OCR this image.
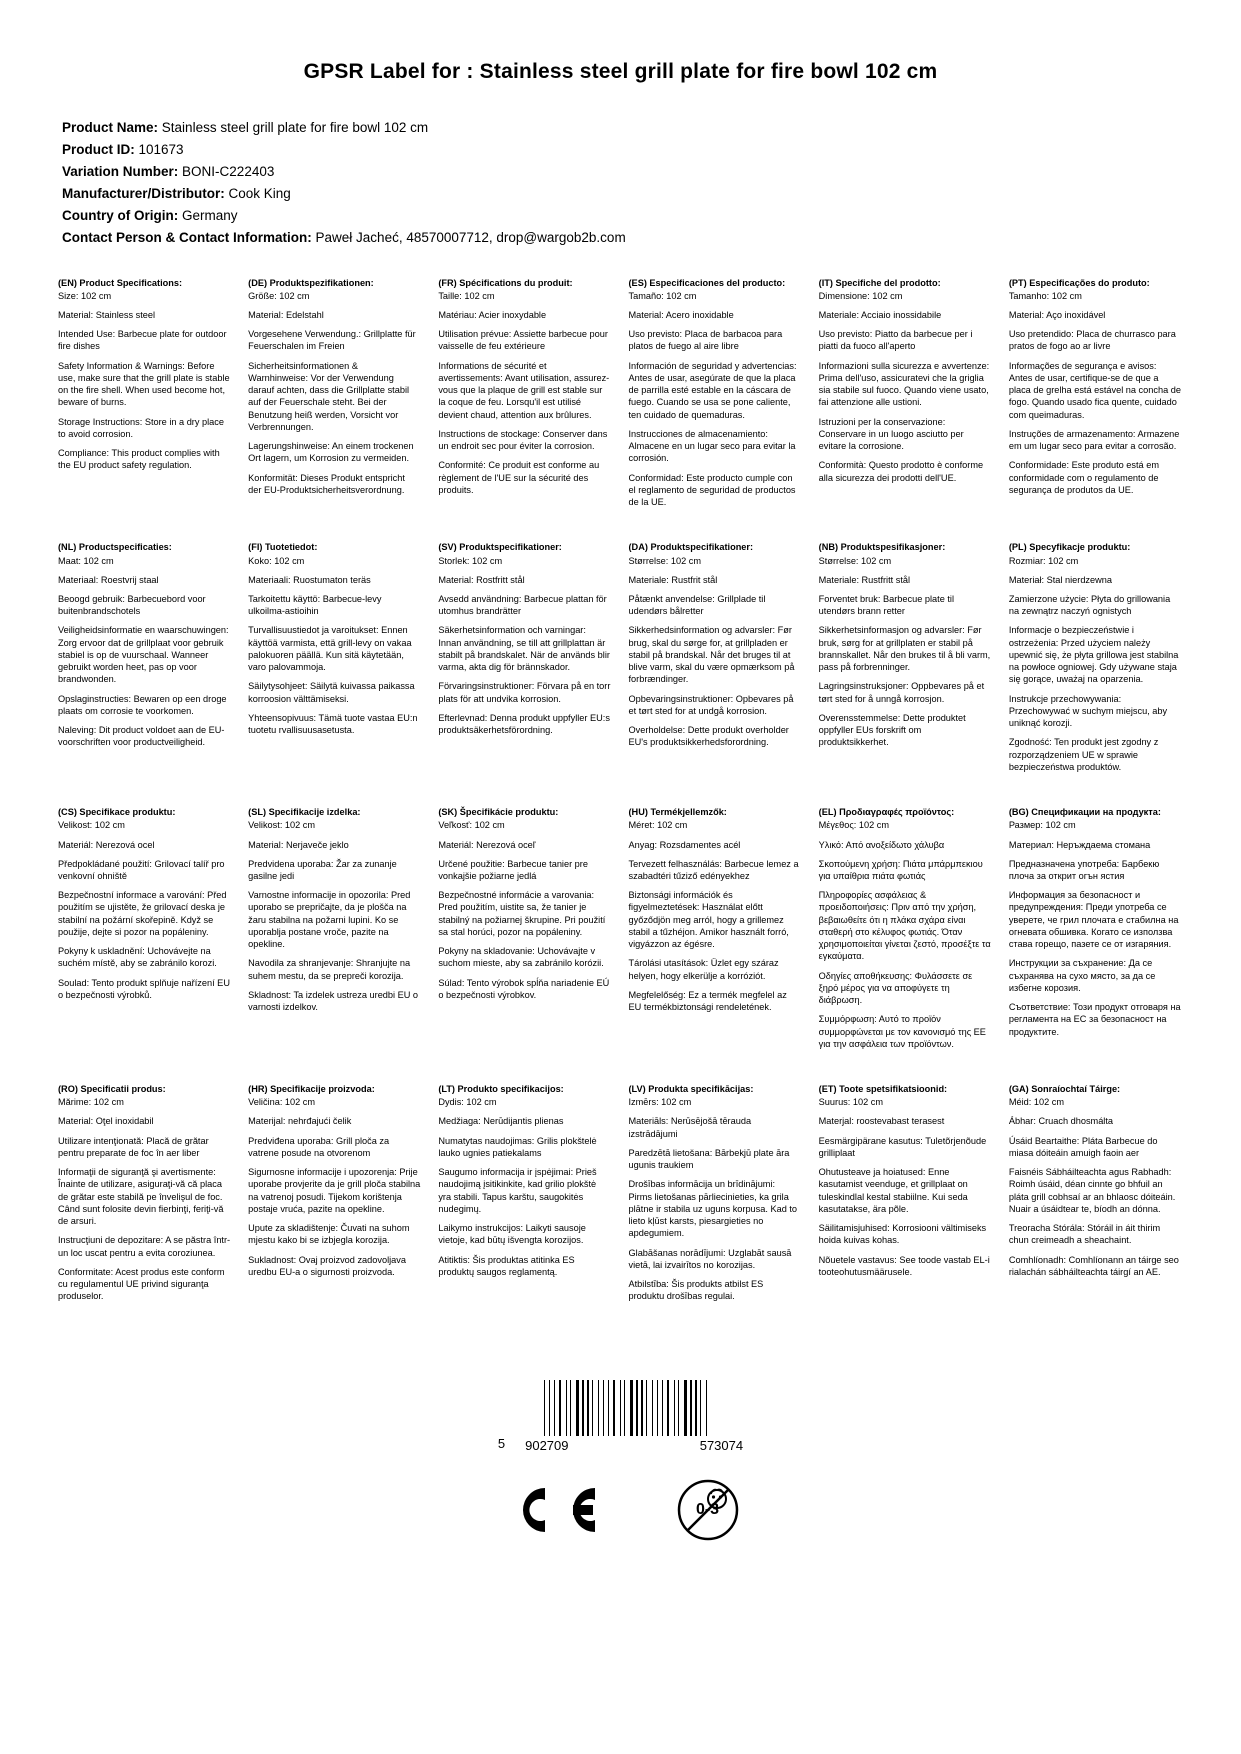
GPSR Label for : Stainless steel grill plate for fire bowl 102 cm
Product Name: Stainless steel grill plate for fire bowl 102 cm
Product ID: 101673
Variation Number: BONI-C222403
Manufacturer/Distributor: Cook King
Country of Origin: Germany
Contact Person & Contact Information: Paweł Jacheć, 48570007712, drop@wargob2b.com
(EN) Product Specifications:
Size: 102 cm
Material: Stainless steel
Intended Use: Barbecue plate for outdoor fire dishes
Safety Information & Warnings: Before use, make sure that the grill plate is stable on the fire shell. When used become hot, beware of burns.
Storage Instructions: Store in a dry place to avoid corrosion.
Compliance: This product complies with the EU product safety regulation.
(DE) Produktspezifikationen:
Größe: 102 cm
Material: Edelstahl
Vorgesehene Verwendung.: Grillplatte für Feuerschalen im Freien
Sicherheitsinformationen & Warnhinweise: Vor der Verwendung darauf achten, dass die Grillplatte stabil auf der Feuerschale steht. Bei der Benutzung heiß werden, Vorsicht vor Verbrennungen.
Lagerungshinweise: An einem trockenen Ort lagern, um Korrosion zu vermeiden.
Konformität: Dieses Produkt entspricht der EU-Produktsicherheitsverordnung.
(FR) Spécifications du produit:
Taille: 102 cm
Matériau: Acier inoxydable
Utilisation prévue: Assiette barbecue pour vaisselle de feu extérieure
Informations de sécurité et avertissements: Avant utilisation, assurez-vous que la plaque de grill est stable sur la coque de feu. Lorsqu'il est utilisé devient chaud, attention aux brûlures.
Instructions de stockage: Conserver dans un endroit sec pour éviter la corrosion.
Conformité: Ce produit est conforme au règlement de l'UE sur la sécurité des produits.
(ES) Especificaciones del producto:
Tamaño: 102 cm
Material: Acero inoxidable
Uso previsto: Placa de barbacoa para platos de fuego al aire libre
Información de seguridad y advertencias: Antes de usar, asegúrate de que la placa de parrilla esté estable en la cáscara de fuego. Cuando se usa se pone caliente, ten cuidado de quemaduras.
Instrucciones de almacenamiento: Almacene en un lugar seco para evitar la corrosión.
Conformidad: Este producto cumple con el reglamento de seguridad de productos de la UE.
(IT) Specifiche del prodotto:
Dimensione: 102 cm
Materiale: Acciaio inossidabile
Uso previsto: Piatto da barbecue per i piatti da fuoco all'aperto
Informazioni sulla sicurezza e avvertenze: Prima dell'uso, assicuratevi che la griglia sia stabile sul fuoco. Quando viene usato, fai attenzione alle ustioni.
Istruzioni per la conservazione: Conservare in un luogo asciutto per evitare la corrosione.
Conformità: Questo prodotto è conforme alla sicurezza dei prodotti dell'UE.
(PT) Especificações do produto:
Tamanho: 102 cm
Material: Aço inoxidável
Uso pretendido: Placa de churrasco para pratos de fogo ao ar livre
Informações de segurança e avisos: Antes de usar, certifique-se de que a placa de grelha está estável na concha de fogo. Quando usado fica quente, cuidado com queimaduras.
Instruções de armazenamento: Armazene em um lugar seco para evitar a corrosão.
Conformidade: Este produto está em conformidade com o regulamento de segurança de produtos da UE.
(NL) Productspecificaties:
Maat: 102 cm
Materiaal: Roestvrij staal
Beoogd gebruik: Barbecuebord voor buitenbrandschotels
Veiligheidsinformatie en waarschuwingen: Zorg ervoor dat de grillplaat voor gebruik stabiel is op de vuurschaal. Wanneer gebruikt worden heet, pas op voor brandwonden.
Opslaginstructies: Bewaren op een droge plaats om corrosie te voorkomen.
Naleving: Dit product voldoet aan de EU-voorschriften voor productveiligheid.
(FI) Tuotetiedot:
Koko: 102 cm
Materiaali: Ruostumaton teräs
Tarkoitettu käyttö: Barbecue-levy ulkoilma-astioihin
Turvallisuustiedot ja varoitukset: Ennen käyttöä varmista, että grill-levy on vakaa palokuoren päällä. Kun sitä käytetään, varo palovammoja.
Säilytysohjeet: Säilytä kuivassa paikassa korroosion välttämiseksi.
Yhteensopivuus: Tämä tuote vastaa EU:n tuotetu rvallisuusasetusta.
(SV) Produktspecifikationer:
Storlek: 102 cm
Material: Rostfritt stål
Avsedd användning: Barbecue plattan för utomhus brandrätter
Säkerhetsinformation och varningar: Innan användning, se till att grillplattan är stabilt på brandskalet. När de används blir varma, akta dig för brännskador.
Förvaringsinstruktioner: Förvara på en torr plats för att undvika korrosion.
Efterlevnad: Denna produkt uppfyller EU:s produktsäkerhetsförordning.
(DA) Produktspecifikationer:
Størrelse: 102 cm
Materiale: Rustfrit stål
Påtænkt anvendelse: Grillplade til udendørs bålretter
Sikkerhedsinformation og advarsler: Før brug, skal du sørge for, at grillpladen er stabil på brandskal. Når det bruges til at blive varm, skal du være opmærksom på forbrændinger.
Opbevaringsinstruktioner: Opbevares på et tørt sted for at undgå korrosion.
Overholdelse: Dette produkt overholder EU's produktsikkerhedsforordning.
(NB) Produktspesifikasjoner:
Størrelse: 102 cm
Materiale: Rustfritt stål
Forventet bruk: Barbecue plate til utendørs brann retter
Sikkerhetsinformasjon og advarsler: Før bruk, sørg for at grillplaten er stabil på brannskallet. Når den brukes til å bli varm, pass på forbrenninger.
Lagringsinstruksjoner: Oppbevares på et tørt sted for å unngå korrosjon.
Overensstemmelse: Dette produktet oppfyller EUs forskrift om produktsikkerhet.
(PL) Specyfikacje produktu:
Rozmiar: 102 cm
Materiał: Stal nierdzewna
Zamierzone użycie: Płyta do grillowania na zewnątrz naczyń ognistych
Informacje o bezpieczeństwie i ostrzeżenia: Przed użyciem należy upewnić się, że płyta grillowa jest stabilna na powłoce ogniowej. Gdy używane staja się gorące, uważaj na oparzenia.
Instrukcje przechowywania: Przechowywać w suchym miejscu, aby uniknąć korozji.
Zgodność: Ten produkt jest zgodny z rozporządzeniem UE w sprawie bezpieczeństwa produktów.
(CS) Specifikace produktu:
Velikost: 102 cm
Materiál: Nerezová ocel
Předpokládané použití: Grilovací talíř pro venkovní ohniště
Bezpečnostní informace a varování: Před použitím se ujistěte, že grilovací deska je stabilní na požární skořepině. Když se použije, dejte si pozor na popáleniny.
Pokyny k uskladnění: Uchovávejte na suchém místě, aby se zabránilo korozi.
Soulad: Tento produkt splňuje nařízení EU o bezpečnosti výrobků.
(SL) Specifikacije izdelka:
Velikost: 102 cm
Material: Nerjaveče jeklo
Predvidena uporaba: Žar za zunanje gasilne jedi
Varnostne informacije in opozorila: Pred uporabo se prepričajte, da je plošča na žaru stabilna na požarni lupini. Ko se uporablja postane vroče, pazite na opekline.
Navodila za shranjevanje: Shranjujte na suhem mestu, da se prepreči korozija.
Skladnost: Ta izdelek ustreza uredbi EU o varnosti izdelkov.
(SK) Špecifikácie produktu:
Veľkosť: 102 cm
Materiál: Nerezová oceľ
Určené použitie: Barbecue tanier pre vonkajšie požiarne jedlá
Bezpečnostné informácie a varovania: Pred použitím, uistite sa, že tanier je stabilný na požiarnej škrupine. Pri použití sa stal horúci, pozor na popáleniny.
Pokyny na skladovanie: Uchovávajte v suchom mieste, aby sa zabránilo korózii.
Súlad: Tento výrobok spĺňa nariadenie EÚ o bezpečnosti výrobkov.
(HU) Termékjellemzők:
Méret: 102 cm
Anyag: Rozsdamentes acél
Tervezett felhasználás: Barbecue lemez a szabadtéri tűziző edényekhez
Biztonsági információk és figyelmeztetések: Használat előtt győződjön meg arról, hogy a grillemez stabil a tűzhéjon. Amikor használt forró, vigyázzon az égésre.
Tárolási utasítások: Üzlet egy száraz helyen, hogy elkerülje a korróziót.
Megfelelőség: Ez a termék megfelel az EU termékbiztonsági rendeletének.
(EL) Προδιαγραφές προϊόντος:
Μέγεθος: 102 cm
Υλικό: Από ανοξείδωτο χάλυβα
Σκοπούμενη χρήση: Πιάτα μπάρμπεκιου για υπαίθρια πιάτα φωτιάς
Πληροφορίες ασφάλειας & προειδοποιήσεις: Πριν από την χρήση, βεβαιωθείτε ότι η πλάκα σχάρα είναι σταθερή στο κέλυφος φωτιάς. Όταν χρησιμοποιείται γίνεται ζεστό, προσέξτε τα εγκαύματα.
Οδηγίες αποθήκευσης: Φυλάσσετε σε ξηρό μέρος για να αποφύγετε τη διάβρωση.
Συμμόρφωση: Αυτό το προϊόν συμμορφώνεται με τον κανονισμό της ΕΕ για την ασφάλεια των προϊόντων.
(BG) Спецификации на продукта:
Размер: 102 cm
Материал: Неръждаема стомана
Предназначена употреба: Барбекю плоча за открит огън ястия
Информация за безопасност и предупреждения: Преди употреба се уверете, че грил плочата е стабилна на огневата обшивка. Когато се използва става горещо, пазете се от изгаряния.
Инструкции за съхранение: Да се съхранява на сухо място, за да се избегне корозия.
Съответствие: Този продукт отговаря на регламента на ЕС за безопасност на продуктите.
(RO) Specificatii produs:
Mărime: 102 cm
Material: Oţel inoxidabil
Utilizare intenţionată: Placă de grătar pentru preparate de foc în aer liber
Informaţii de siguranţă şi avertismente: Înainte de utilizare, asiguraţi-vă că placa de grătar este stabilă pe învelişul de foc. Când sunt folosite devin fierbinţi, feriţi-vă de arsuri.
Instrucţiuni de depozitare: A se păstra într-un loc uscat pentru a evita coroziunea.
Conformitate: Acest produs este conform cu regulamentul UE privind siguranţa produselor.
(HR) Specifikacije proizvoda:
Veličina: 102 cm
Materijal: nehrđajući čelik
Predviđena uporaba: Grill ploča za vatrene posude na otvorenom
Sigurnosne informacije i upozorenja: Prije uporabe provjerite da je grill ploča stabilna na vatrenoj posudi. Tijekom korištenja postaje vruća, pazite na opekline.
Upute za skladištenje: Čuvati na suhom mjestu kako bi se izbjegla korozija.
Sukladnost: Ovaj proizvod zadovoljava uredbu EU-a o sigurnosti proizvoda.
(LT) Produkto specifikacijos:
Dydis: 102 cm
Medžiaga: Nerūdijantis plienas
Numatytas naudojimas: Grilis plokštelė lauko ugnies patiekalams
Saugumo informacija ir įspėjimai: Prieš naudojimą įsitikinkite, kad grilio plokštė yra stabili. Tapus karštu, saugokitės nudegimų.
Laikymo instrukcijos: Laikyti sausoje vietoje, kad būtų išvengta korozijos.
Atitiktis: Šis produktas atitinka ES produktų saugos reglamentą.
(LV) Produkta specifikācijas:
Izmērs: 102 cm
Materiāls: Nerūsējošā tērauda izstrādājumi
Paredzētā lietošana: Bārbekjū plate āra ugunis traukiem
Drošības informācija un brīdinājumi: Pirms lietošanas pārliecinieties, ka grila plātne ir stabila uz uguns korpusa. Kad to lieto kļūst karsts, piesargieties no apdegumiem.
Glabāšanas norādījumi: Uzglabāt sausā vietā, lai izvairītos no korozijas.
Atbilstība: Šis produkts atbilst ES produktu drošības regulai.
(ET) Toote spetsifikatsioonid:
Suurus: 102 cm
Materjal: roostevabast terasest
Eesmärgipärane kasutus: Tuletõrjenõude grilliplaat
Ohutusteave ja hoiatused: Enne kasutamist veenduge, et grillplaat on tuleskindlal kestal stabiilne. Kui seda kasutatakse, ära põle.
Säilitamisjuhised: Korrosiooni vältimiseks hoida kuivas kohas.
Nõuetele vastavus: See toode vastab EL-i tooteohutusmäärusele.
(GA) Sonraíochtaí Táirge:
Méid: 102 cm
Ábhar: Cruach dhosmálta
Úsáid Beartaithe: Pláta Barbecue do miasa dóiteáin amuigh faoin aer
Faisnéis Sábháilteachta agus Rabhadh: Roimh úsáid, déan cinnte go bhfuil an pláta grill cobhsaí ar an bhlaosc dóiteáin. Nuair a úsáidtear te, bíodh an dónna.
Treoracha Stórála: Stóráil in áit thirim chun creimeadh a sheachaint.
Comhlíonadh: Comhlíonann an táirge seo rialachán sábháilteachta táirgí an AE.
5 902709	573074
0-3
